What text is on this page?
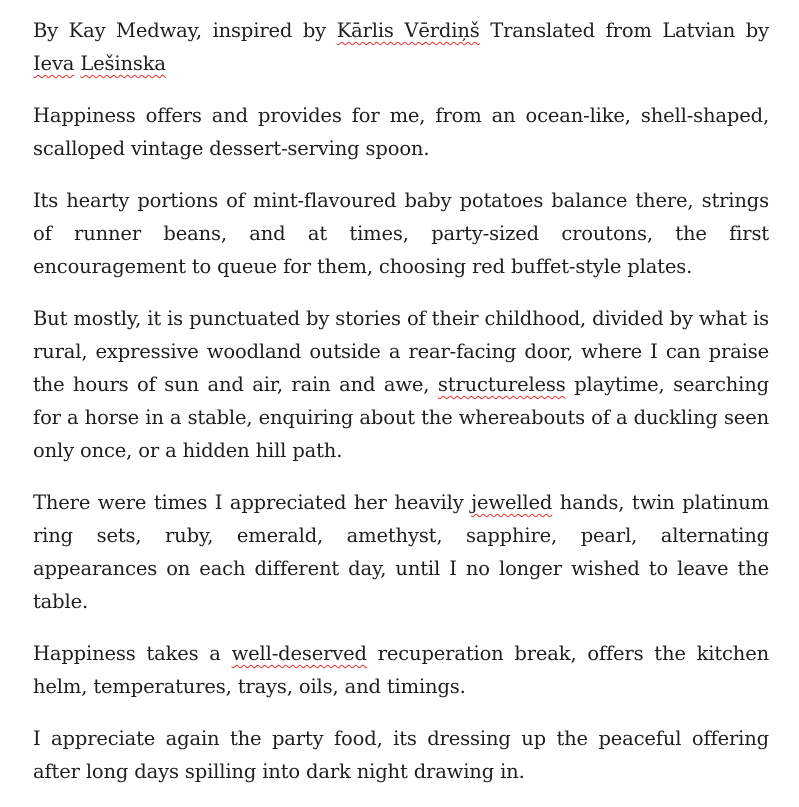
By Kay Medway, inspired by Kārlis Vērdiņš Translated from Latvian by Ieva Lešinska

Happiness offers and provides for me, from an ocean-like, shell-shaped, scalloped vintage dessert-serving spoon.

Its hearty portions of mint-flavoured baby potatoes balance there, strings of runner beans, and at times, party-sized croutons, the first encouragement to queue for them, choosing red buffet-style plates.

But mostly, it is punctuated by stories of their childhood, divided by what is rural, expressive woodland outside a rear-facing door, where I can praise the hours of sun and air, rain and awe, structureless playtime, searching for a horse in a stable, enquiring about the whereabouts of a duckling seen only once, or a hidden hill path.

There were times I appreciated her heavily jewelled hands, twin platinum ring sets, ruby, emerald, amethyst, sapphire, pearl, alternating appearances on each different day, until I no longer wished to leave the table.

Happiness takes a well-deserved recuperation break, offers the kitchen helm, temperatures, trays, oils, and timings.

I appreciate again the party food, its dressing up the peaceful offering after long days spilling into dark night drawing in.
